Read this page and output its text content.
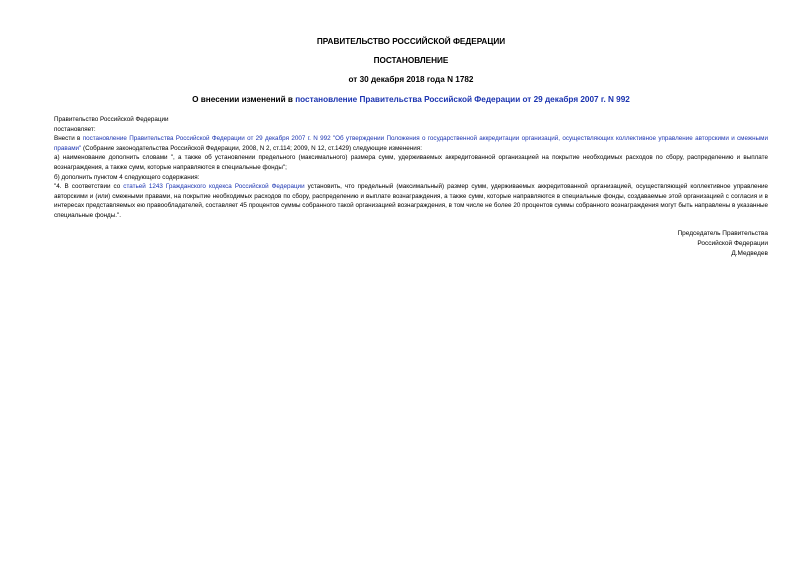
ПРАВИТЕЛЬСТВО РОССИЙСКОЙ ФЕДЕРАЦИИ
ПОСТАНОВЛЕНИЕ
от 30 декабря 2018 года N 1782
О внесении изменений в постановление Правительства Российской Федерации от 29 декабря 2007 г. N 992

Правительство Российской Федерации

постановляет:

Внести в постановление Правительства Российской Федерации от 29 декабря 2007 г. N 992 "Об утверждении Положения о государственной аккредитации организаций, осуществляющих коллективное управление авторскими и смежными правами" (Собрание законодательства Российской Федерации, 2008, N 2, ст.114; 2009, N 12, ст.1429) следующие изменения:

а) наименование дополнить словами ", а также об установлении предельного (максимального) размера сумм, удерживаемых аккредитованной организацией на покрытие необходимых расходов по сбору, распределению и выплате вознаграждения, а также сумм, которые направляются в специальные фонды";

б) дополнить пунктом 4 следующего содержания:

"4. В соответствии со статьей 1243 Гражданского кодекса Российской Федерации установить, что предельный (максимальный) размер сумм, удерживаемых аккредитованной организацией, осуществляющей коллективное управление авторскими и (или) смежными правами, на покрытие необходимых расходов по сбору, распределению и выплате вознаграждения, а также сумм, которые направляются в специальные фонды, создаваемые этой организацией с согласия и в интересах представляемых ею правообладателей, составляет 45 процентов суммы собранного такой организацией вознаграждения, в том числе не более 20 процентов суммы собранного вознаграждения могут быть направлены в указанные специальные фонды.".

Председатель Правительства
Российской Федерации
Д.Медведев
